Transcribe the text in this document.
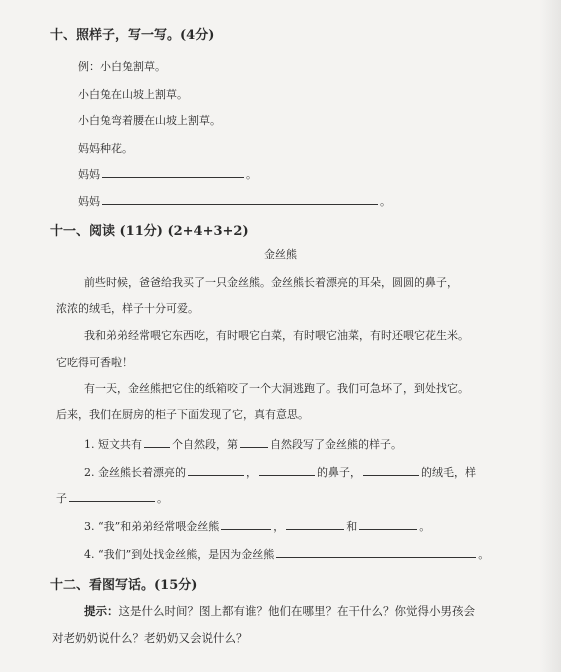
十、照样子，写一写。(4分)
例：小白兔割草。
小白兔在山坡上割草。
小白兔弯着腰在山坡上割草。
妈妈种花。
妈妈	。
妈妈	。
十一、阅读 (11分) (2+4+3+2)
金丝熊
前些时候，爸爸给我买了一只金丝熊。金丝熊长着漂亮的耳朵，圆圆的鼻子，
浓浓的绒毛，样子十分可爱。
我和弟弟经常喂它东西吃，有时喂它白菜，有时喂它油菜，有时还喂它花生米。
它吃得可香啦！
有一天，金丝熊把它住的纸箱咬了一个大洞逃跑了。我们可急坏了，到处找它。
后来，我们在厨房的柜子下面发现了它，真有意思。
1. 短文共有	个自然段，第	自然段写了金丝熊的样子。
2. 金丝熊长着漂亮的	，	的鼻子，	的绒毛，样
子	。
3. “我”和弟弟经常喂金丝熊	，	和	。
4. “我们”到处找金丝熊，是因为金丝熊	。
十二、看图写话。(15分)
提示：这是什么时间？图上都有谁？他们在哪里？在干什么？你觉得小男孩会
对老奶奶说什么？老奶奶又会说什么？
